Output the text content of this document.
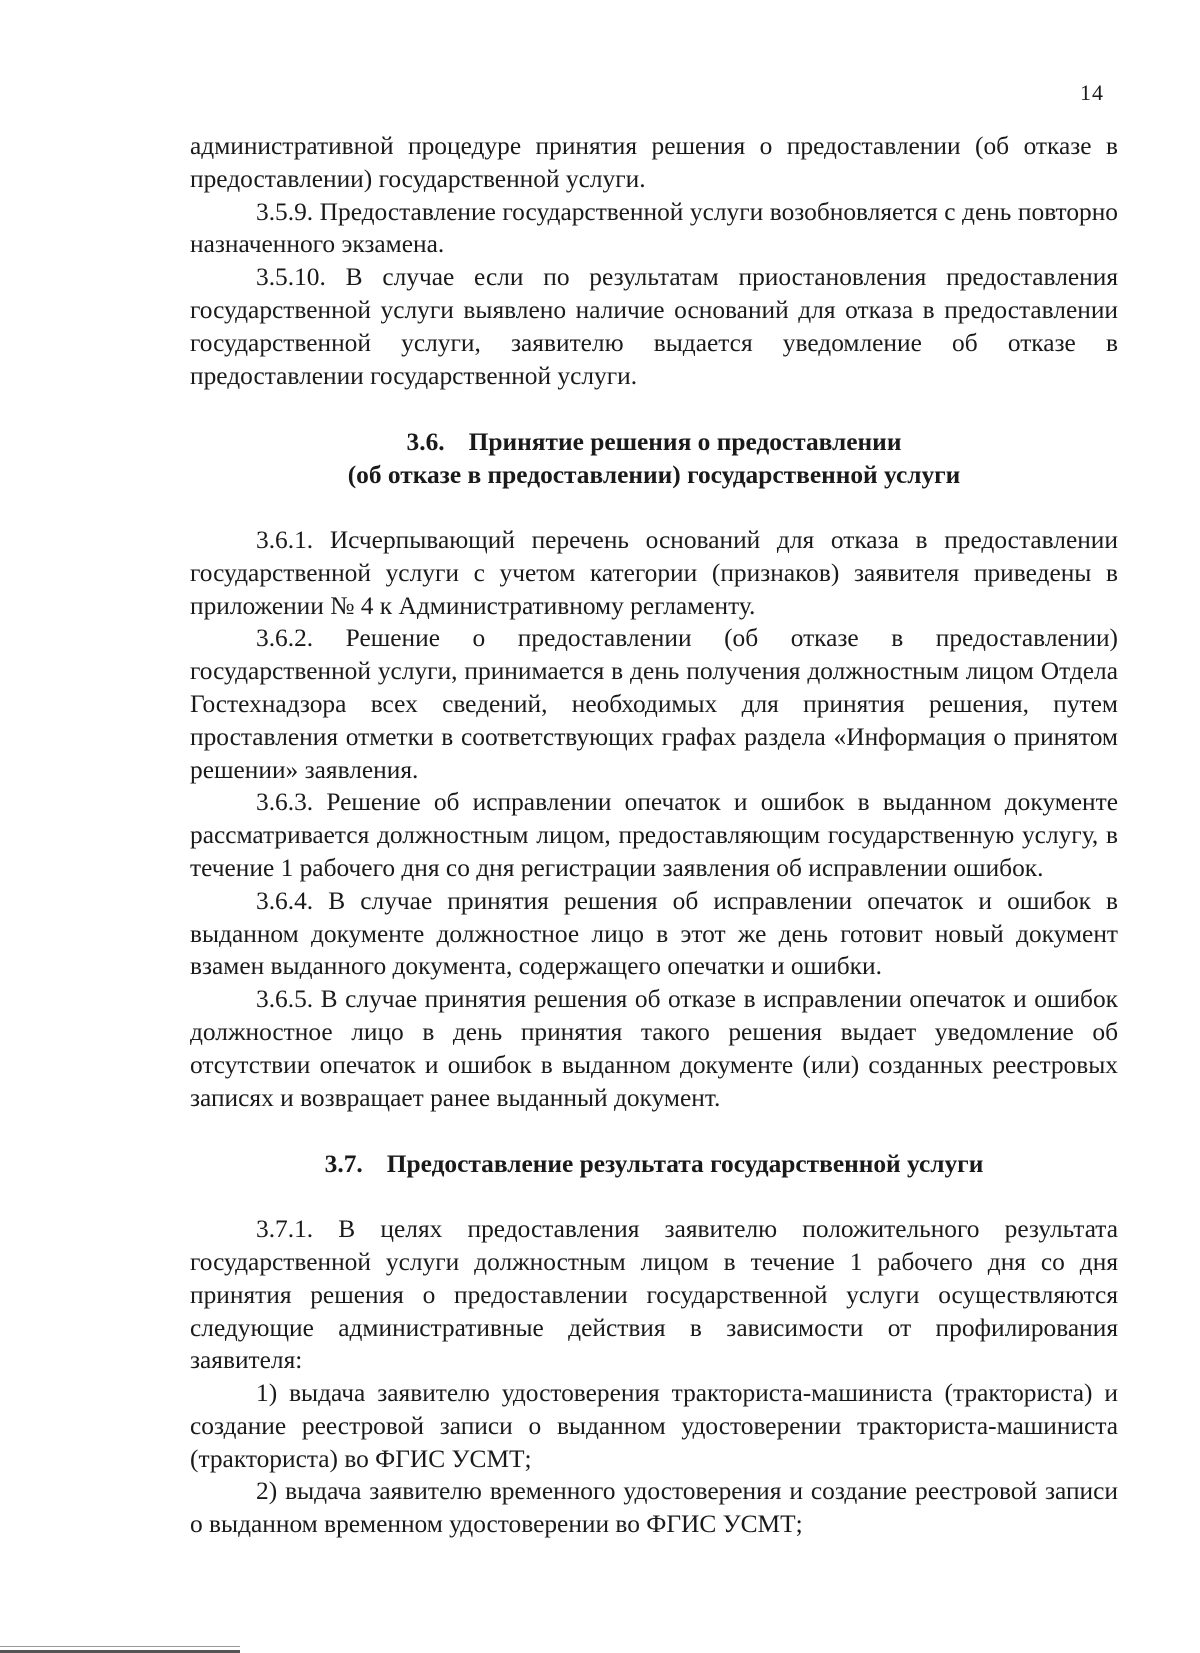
14

административной процедуре принятия решения о предоставлении (об отказе в предоставлении) государственной услуги.

3.5.9. Предоставление государственной услуги возобновляется с день повторно назначенного экзамена.

3.5.10. В случае если по результатам приостановления предоставления государственной услуги выявлено наличие оснований для отказа в предоставлении государственной услуги, заявителю выдается уведомление об отказе в предоставлении государственной услуги.

3.6. Принятие решения о предоставлении
(об отказе в предоставлении) государственной услуги

3.6.1. Исчерпывающий перечень оснований для отказа в предоставлении государственной услуги с учетом категории (признаков) заявителя приведены в приложении № 4 к Административному регламенту.

3.6.2. Решение о предоставлении (об отказе в предоставлении) государственной услуги, принимается в день получения должностным лицом Отдела Гостехнадзора всех сведений, необходимых для принятия решения, путем проставления отметки в соответствующих графах раздела «Информация о принятом решении» заявления.

3.6.3. Решение об исправлении опечаток и ошибок в выданном документе рассматривается должностным лицом, предоставляющим государственную услугу, в течение 1 рабочего дня со дня регистрации заявления об исправлении ошибок.

3.6.4. В случае принятия решения об исправлении опечаток и ошибок в выданном документе должностное лицо в этот же день готовит новый документ взамен выданного документа, содержащего опечатки и ошибки.

3.6.5. В случае принятия решения об отказе в исправлении опечаток и ошибок должностное лицо в день принятия такого решения выдает уведомление об отсутствии опечаток и ошибок в выданном документе (или) созданных реестровых записях и возвращает ранее выданный документ.

3.7. Предоставление результата государственной услуги

3.7.1. В целях предоставления заявителю положительного результата государственной услуги должностным лицом в течение 1 рабочего дня со дня принятия решения о предоставлении государственной услуги осуществляются следующие административные действия в зависимости от профилирования заявителя:

1) выдача заявителю удостоверения тракториста-машиниста (тракториста) и создание реестровой записи о выданном удостоверении тракториста-машиниста (тракториста) во ФГИС УСМТ;

2) выдача заявителю временного удостоверения и создание реестровой записи о выданном временном удостоверении во ФГИС УСМТ;
